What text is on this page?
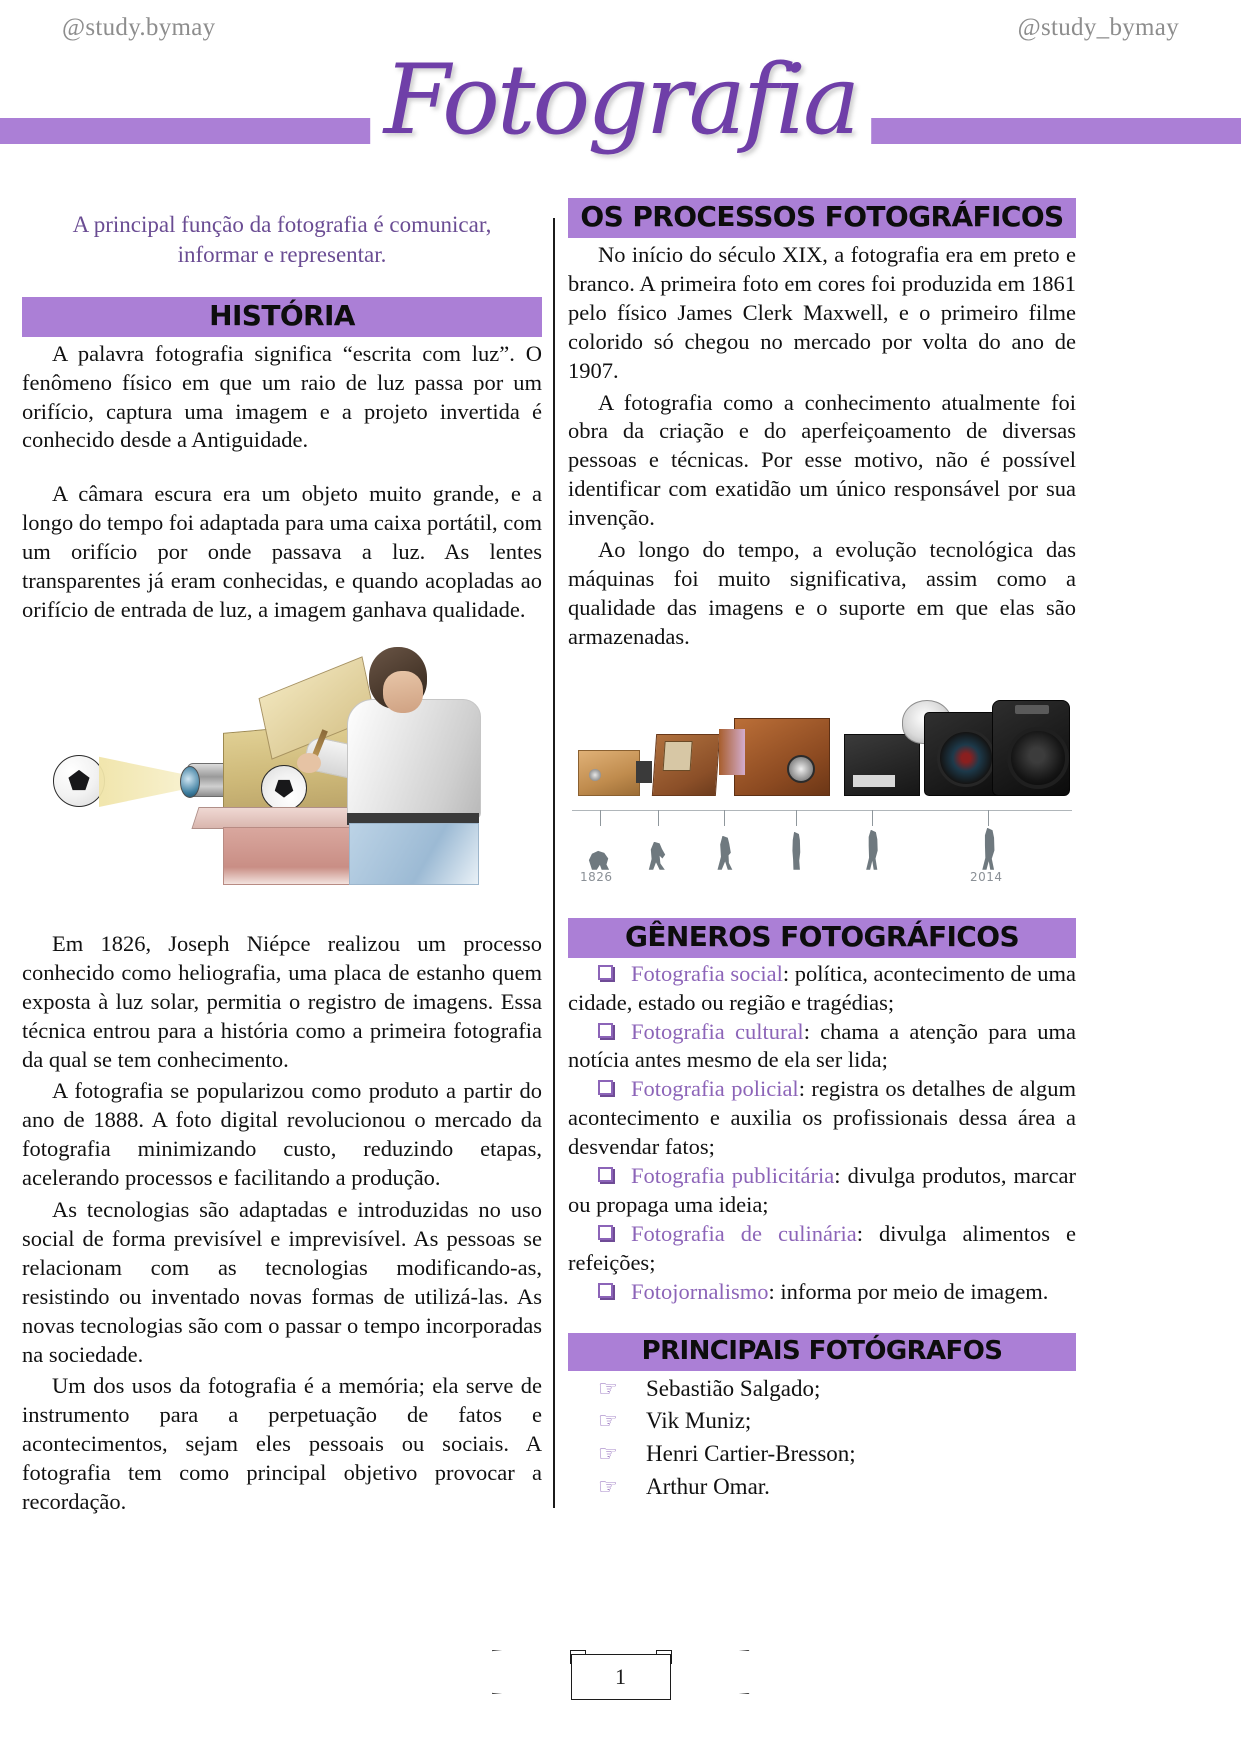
@study.bymay	@study_bymay
Fotografia
A principal função da fotografia é comunicar, informar e representar.
HISTÓRIA

A palavra fotografia significa “escrita com luz”. O fenômeno físico em que um raio de luz passa por um orifício, captura uma imagem e a projeto invertida é conhecido desde a Antiguidade.

A câmara escura era um objeto muito grande, e a longo do tempo foi adaptada para uma caixa portátil, com um orifício por onde passava a luz. As lentes transparentes já eram conhecidas, e quando acopladas ao orifício de entrada de luz, a imagem ganhava qualidade.

Em 1826, Joseph Niépce realizou um processo conhecido como heliografia, uma placa de estanho quem exposta à luz solar, permitia o registro de imagens. Essa técnica entrou para a história como a primeira fotografia da qual se tem conhecimento.

A fotografia se popularizou como produto a partir do ano de 1888. A foto digital revolucionou o mercado da fotografia minimizando custo, reduzindo etapas, acelerando processos e facilitando a produção.

As tecnologias são adaptadas e introduzidas no uso social de forma previsível e imprevisível. As pessoas se relacionam com as tecnologias modificando-as, resistindo ou inventado novas formas de utilizá-las. As novas tecnologias são com o passar o tempo incorporadas na sociedade.

Um dos usos da fotografia é a memória; ela serve de instrumento para a perpetuação de fatos e acontecimentos, sejam eles pessoais ou sociais. A fotografia tem como principal objetivo provocar a recordação.

OS PROCESSOS FOTOGRÁFICOS

No início do século XIX, a fotografia era em preto e branco. A primeira foto em cores foi produzida em 1861 pelo físico James Clerk Maxwell, e o primeiro filme colorido só chegou no mercado por volta do ano de 1907.

A fotografia como a conhecimento atualmente foi obra da criação e do aperfeiçoamento de diversas pessoas e técnicas. Por esse motivo, não é possível identificar com exatidão um único responsável por sua invenção.

Ao longo do tempo, a evolução tecnológica das máquinas foi muito significativa, assim como a qualidade das imagens e o suporte em que elas são armazenadas.

1826	2014
GÊNEROS FOTOGRÁFICOS
Fotografia social: política, acontecimento de uma cidade, estado ou região e tragédias;
Fotografia cultural: chama a atenção para uma notícia antes mesmo de ela ser lida;
Fotografia policial: registra os detalhes de algum acontecimento e auxilia os profissionais dessa área a desvendar fatos;
Fotografia publicitária: divulga produtos, marcar ou propaga uma ideia;
Fotografia de culinária: divulga alimentos e refeições;
Fotojornalismo: informa por meio de imagem.
PRINCIPAIS FOTÓGRAFOS
☞ Sebastião Salgado;
☞ Vik Muniz;
☞ Henri Cartier-Bresson;
☞ Arthur Omar.
1
